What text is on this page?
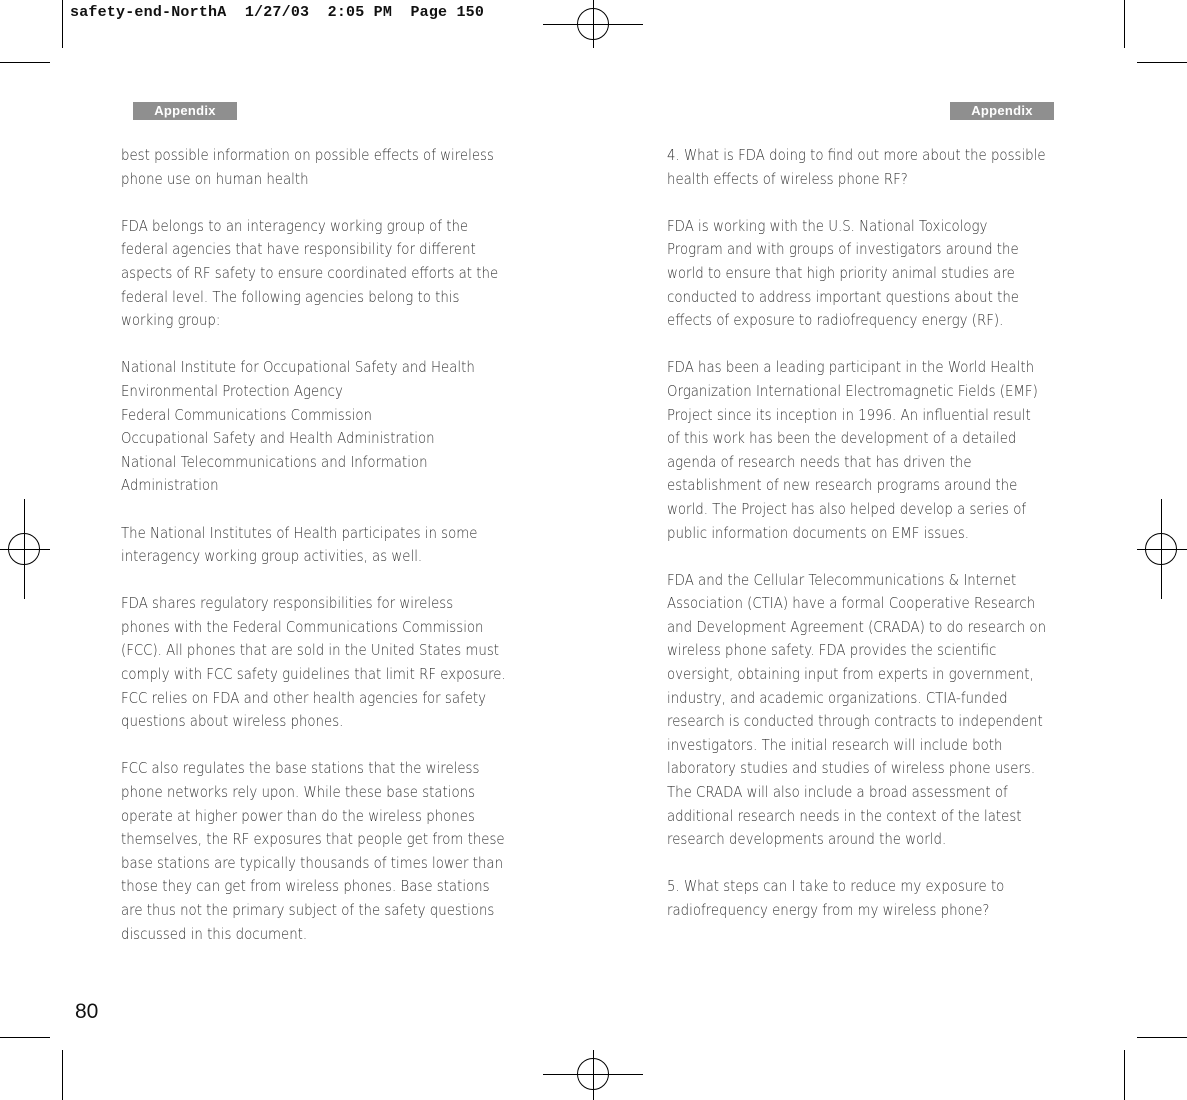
safety-end-NorthA  1/27/03  2:05 PM  Page 150
Appendix	Appendix

best possible information on possible effects of wireless
phone use on human health

FDA belongs to an interagency working group of the
federal agencies that have responsibility for different
aspects of RF safety to ensure coordinated efforts at the
federal level. The following agencies belong to this
working group:

National Institute for Occupational Safety and Health
Environmental Protection Agency
Federal Communications Commission
Occupational Safety and Health Administration
National Telecommunications and Information
Administration

The National Institutes of Health participates in some
interagency working group activities, as well.

FDA shares regulatory responsibilities for wireless
phones with the Federal Communications Commission
(FCC). All phones that are sold in the United States must
comply with FCC safety guidelines that limit RF exposure.
FCC relies on FDA and other health agencies for safety
questions about wireless phones.

FCC also regulates the base stations that the wireless
phone networks rely upon. While these base stations
operate at higher power than do the wireless phones
themselves, the RF exposures that people get from these
base stations are typically thousands of times lower than
those they can get from wireless phones. Base stations
are thus not the primary subject of the safety questions
discussed in this document.

4. What is FDA doing to find out more about the possible
health effects of wireless phone RF?

FDA is working with the U.S. National Toxicology
Program and with groups of investigators around the
world to ensure that high priority animal studies are
conducted to address important questions about the
effects of exposure to radiofrequency energy (RF).

FDA has been a leading participant in the World Health
Organization International Electromagnetic Fields (EMF)
Project since its inception in 1996. An influential result
of this work has been the development of a detailed
agenda of research needs that has driven the
establishment of new research programs around the
world. The Project has also helped develop a series of
public information documents on EMF issues.

FDA and the Cellular Telecommunications & Internet
Association (CTIA) have a formal Cooperative Research
and Development Agreement (CRADA) to do research on
wireless phone safety. FDA provides the scientific
oversight, obtaining input from experts in government,
industry, and academic organizations. CTIA-funded
research is conducted through contracts to independent
investigators. The initial research will include both
laboratory studies and studies of wireless phone users.
The CRADA will also include a broad assessment of
additional research needs in the context of the latest
research developments around the world.

5. What steps can I take to reduce my exposure to
radiofrequency energy from my wireless phone?

80
